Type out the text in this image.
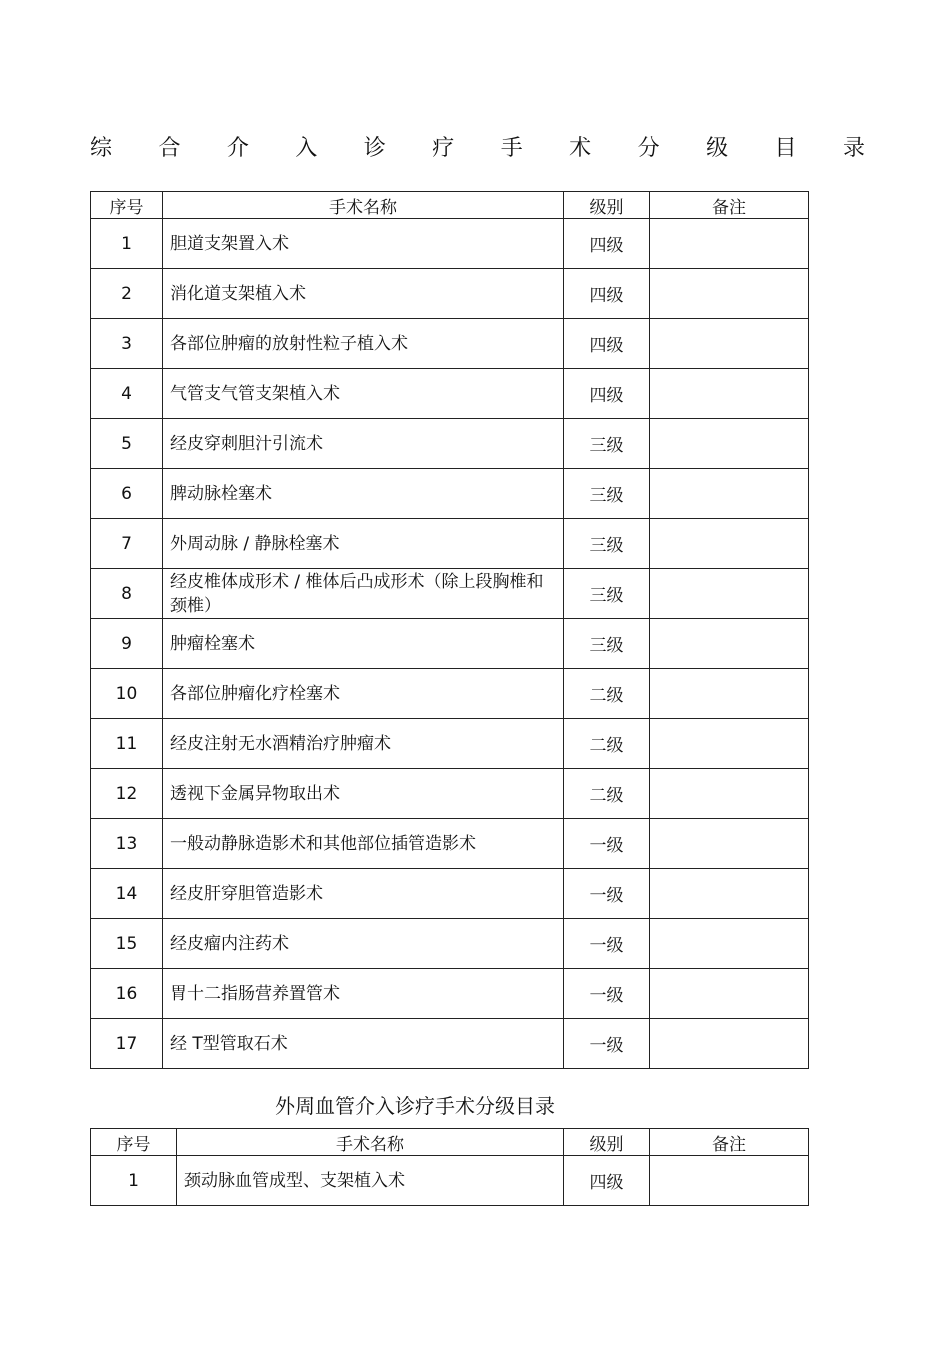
综 合 介 入 诊 疗 手 术 分 级 目 录
序号	手术名称	级别	备注
1	胆道支架置入术	四级	
2	消化道支架植入术	四级	
3	各部位肿瘤的放射性粒子植入术	四级	
4	气管支气管支架植入术	四级	
5	经皮穿刺胆汁引流术	三级	
6	脾动脉栓塞术	三级	
7	外周动脉 / 静脉栓塞术	三级	
8	经皮椎体成形术 / 椎体后凸成形术（除上段胸椎和颈椎）	三级	
9	肿瘤栓塞术	三级	
10	各部位肿瘤化疗栓塞术	二级	
11	经皮注射无水酒精治疗肿瘤术	二级	
12	透视下金属异物取出术	二级	
13	一般动静脉造影术和其他部位插管造影术	一级	
14	经皮肝穿胆管造影术	一级	
15	经皮瘤内注药术	一级	
16	胃十二指肠营养置管术	一级	
17	经 T型管取石术	一级	
外周血管介入诊疗手术分级目录
序号	手术名称	级别	备注
1	颈动脉血管成型、支架植入术	四级	
